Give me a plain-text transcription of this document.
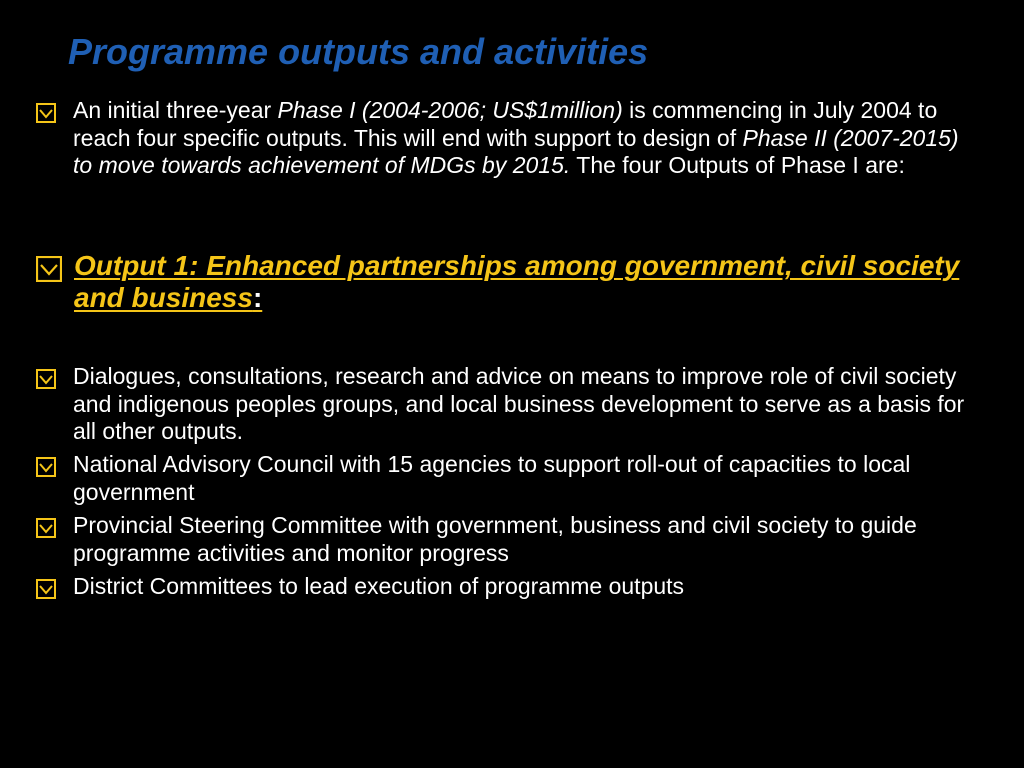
Programme outputs and activities
An initial three-year Phase I (2004-2006; US$1million) is commencing in July 2004 to reach four specific outputs. This will end with support to design of Phase II (2007-2015) to move towards achievement of MDGs by 2015. The four Outputs of Phase I are:
Output 1: Enhanced partnerships among government, civil society and business:
Dialogues, consultations, research and advice on means to improve role of civil society and indigenous peoples groups, and local business development to serve as a basis for all other outputs.
National Advisory Council with 15 agencies to support roll-out of capacities to local government
Provincial Steering Committee with government, business and civil society to guide programme activities and monitor progress
District Committees to lead execution of programme outputs
